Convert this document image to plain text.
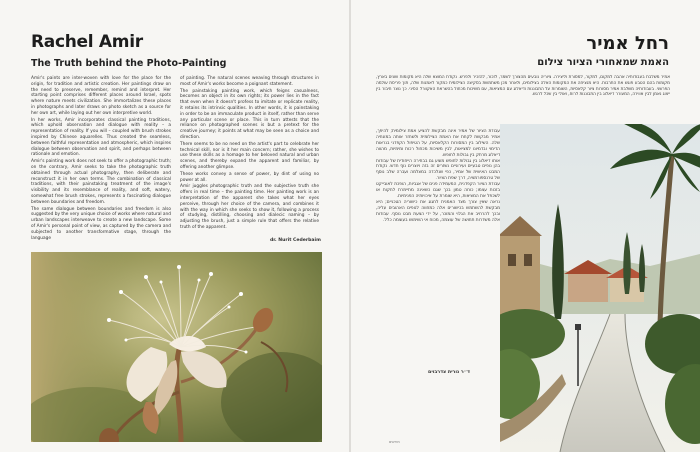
Rachel Amir
The Truth behind the Photo-Painting

Amir's paints are inter-woven with love for the place for the origin, for tradition and artistic creation. Her paintings draw on the need to preserve, remember, remind and interpret. Her starting point comprises different places around Israel, spots where nature meets civilization. She immortalizes these places in photographs and later draws on photo sketch as a source for her own art, while laying out her own interpretive world.

In her works, Amir incorporates classical painting traditions, which uphold observation and dialogue with reality – a representation of reality. If you will – coupled with brush strokes inspired by Chinese aquarelles. Thus created the seamless, between faithful representation and atmospheric, which inspires dialogue between observation and spirit, and perhaps between rationale and emotion.

Amir's painting work does not seek to offer a photographic truth; on the contrary, Amir seeks to take the photographic truth obtained through actual photography, then deliberate and reconstruct it in her own terms. The combination of classical traditions, with their painstaking treatment of the image's visibility and its resemblance of reality, and soft, watery, somewhat free brush strokes, represents a fascinating dialogue between boundaries and freedom.

The same dialogue between boundaries and freedom is also suggested by the very unique choice of works where natural and urban landscapes interweave to create a new landscape. Some of Amir's personal point of view, as captured by the camera and subjected to another transformative stage, through the language

of painting. The natural scenes weaving through structures in most of Amir's works become a poignant statement.

The painstaking painting work, which feigns casualness, becomes an object in its own rights; its power lies in the fact that even when it doesn't profess to imitate or replicate reality, it retains its intrinsic qualities. In other words, it is painstaking in order to be an immaculate product in itself, rather than serve any particular scene or place. This in turn attests that the reliance on photographed scenes is but a pretext for the creative journey; it points at what may be seen as a choice and direction.

There seems to be no need on the artist's part to celebrate her technical skill, nor is it her main concern; rather, she wishes to use these skills as a homage to her beloved natural and urban scenes, and thereby expand the apparent and familiar, by offering another glimpse.

These works convey a sense of power, by dint of using no power at all.

Amir juggles photographic truth and the subjective truth she offers in real time – the painting time. Her painting work is an interpretation of the apparent she takes what her eyes perceive, through her choice of the camera, and combines it with the way in which she seeks to show it, following a process of studying, distilling, choosing and dialecic naming – by adjusting the brush, just a simple rule that offers the relative truth of the apparent.

dr. Nurit Cederbaim
רחל אמיר
האמת שמאחורי הציור צילום
אמיר משלבת בעבודותיה אהבה למקום, למקור, למסורת וליצירה. ציוריה נובעים מהצורך לשמר, לזכור, להזכיר ולפרש. נקודת המוצא שלה היא מקומות שונים בארץ, מקומות בהם הטבע פוגש את התרבות. היא מנציחה את המקומות האלה בצילומים, ולאחר מכן משתמשת בסקיצה הצילומית כמקור לאמנות שלה, תוך פריסת עולמה הפרשני. בעבודותיה משלבת אמיר מסורות ציור קלאסיות, השומרות על התבוננות ודיאלוג עם המציאות, עם משיכות מכחול בהשראת האקוורל הסיני. כך נוצר חיבור בין ייצוג נאמן לבין אווירה, המעורר דיאלוג בין התבוננות לרוח, ואולי בין שכל לרגש.

עבודת הציור של אמיר אינה מבקשת להציע אמת צילומית; להיפך, אמיר מבקשת לקחת את האמת הצילומית ולשחזר אותה במונחיה שלה. השילוב בין המסורות הקלאסיות, על הטיפול הקפדני בנראות הדימוי ובדמיונו למציאות, לבין משיכות מכחול רכות ומימיות, מהווה דיאלוג מרתק בין גבולות לחופש.

אותו דיאלוג בין גבולות לחופש מוצע גם בבחירה הייחודית של עבודות בהן נופים טבעיים ועירוניים נשזרים זה בזה ויוצרים נוף חדש. נקודת המבט האישית של אמיר, כפי שנלכדה במצלמה ועברה שלב נוסף של טרנספורמציה, דרך שפת הציור.

עבודת הציור הקפדנית, המעמידה פנים של אגביות, הופכת לאובייקט בזכות עצמו; כוחה טמון בכך שגם כשאינה מתיימרת לחקות או לשכפל את המציאות, היא שומרת על איכויותיה הפנימיות.

נראה שאין צורך מצד האמנית לחגוג את כישוריה הטכניים; היא מבקשת להשתמש בכישורים אלה כמחווה לנופים האהובים עליה, ובכך להרחיב את הגלוי והמוכר, על ידי הצעת מבט נוסף. עבודות אלה משדרות תחושה של עוצמה, מכוח אי השימוש בעוצמה כלל.

ד״ר נורית צדרבוים
חודשים
